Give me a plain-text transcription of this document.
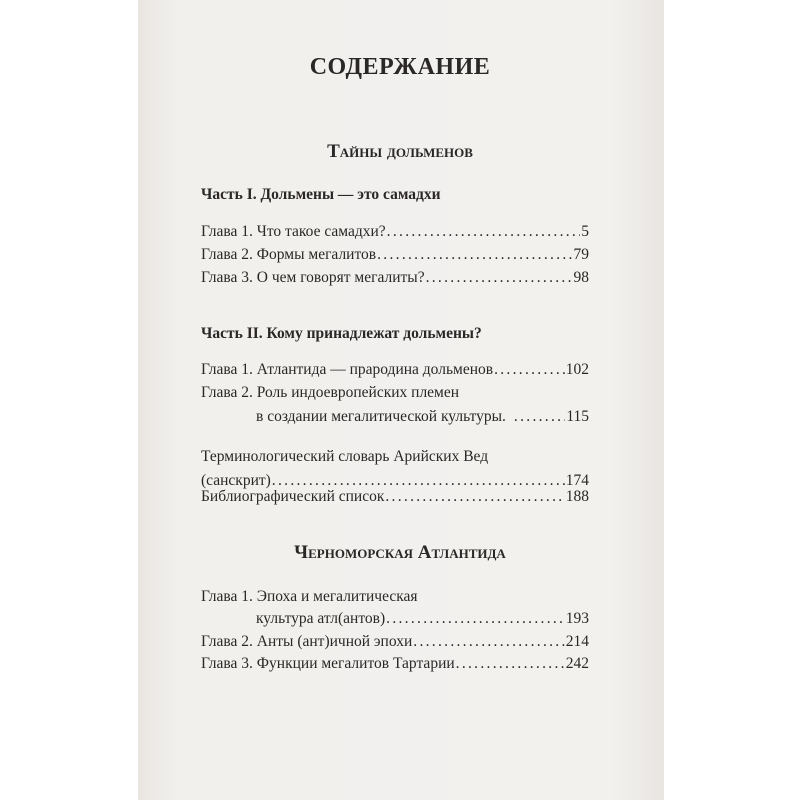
СОДЕРЖАНИЕ
Тайны дольменов
Часть I. Дольмены — это самадхи
Глава 1. Что такое самадхи? .....	5
Глава 2. Формы мегалитов .....	79
Глава 3. О чем говорят мегалиты? .....	98
Часть II. Кому принадлежат дольмены?
Глава 1. Атлантида — прародина дольменов .....	102
Глава 2. Роль индоевропейских племен
в создании мегалитической культуры. .....	115
Терминологический словарь Арийских Вед
(санскрит) .....	174
Библиографический список .....	188
Черноморская Атлантида
Глава 1. Эпоха и мегалитическая
культура атл(антов) .....	193
Глава 2. Анты (ант)ичной эпохи .....	214
Глава 3. Функции мегалитов Тартарии .....	242
